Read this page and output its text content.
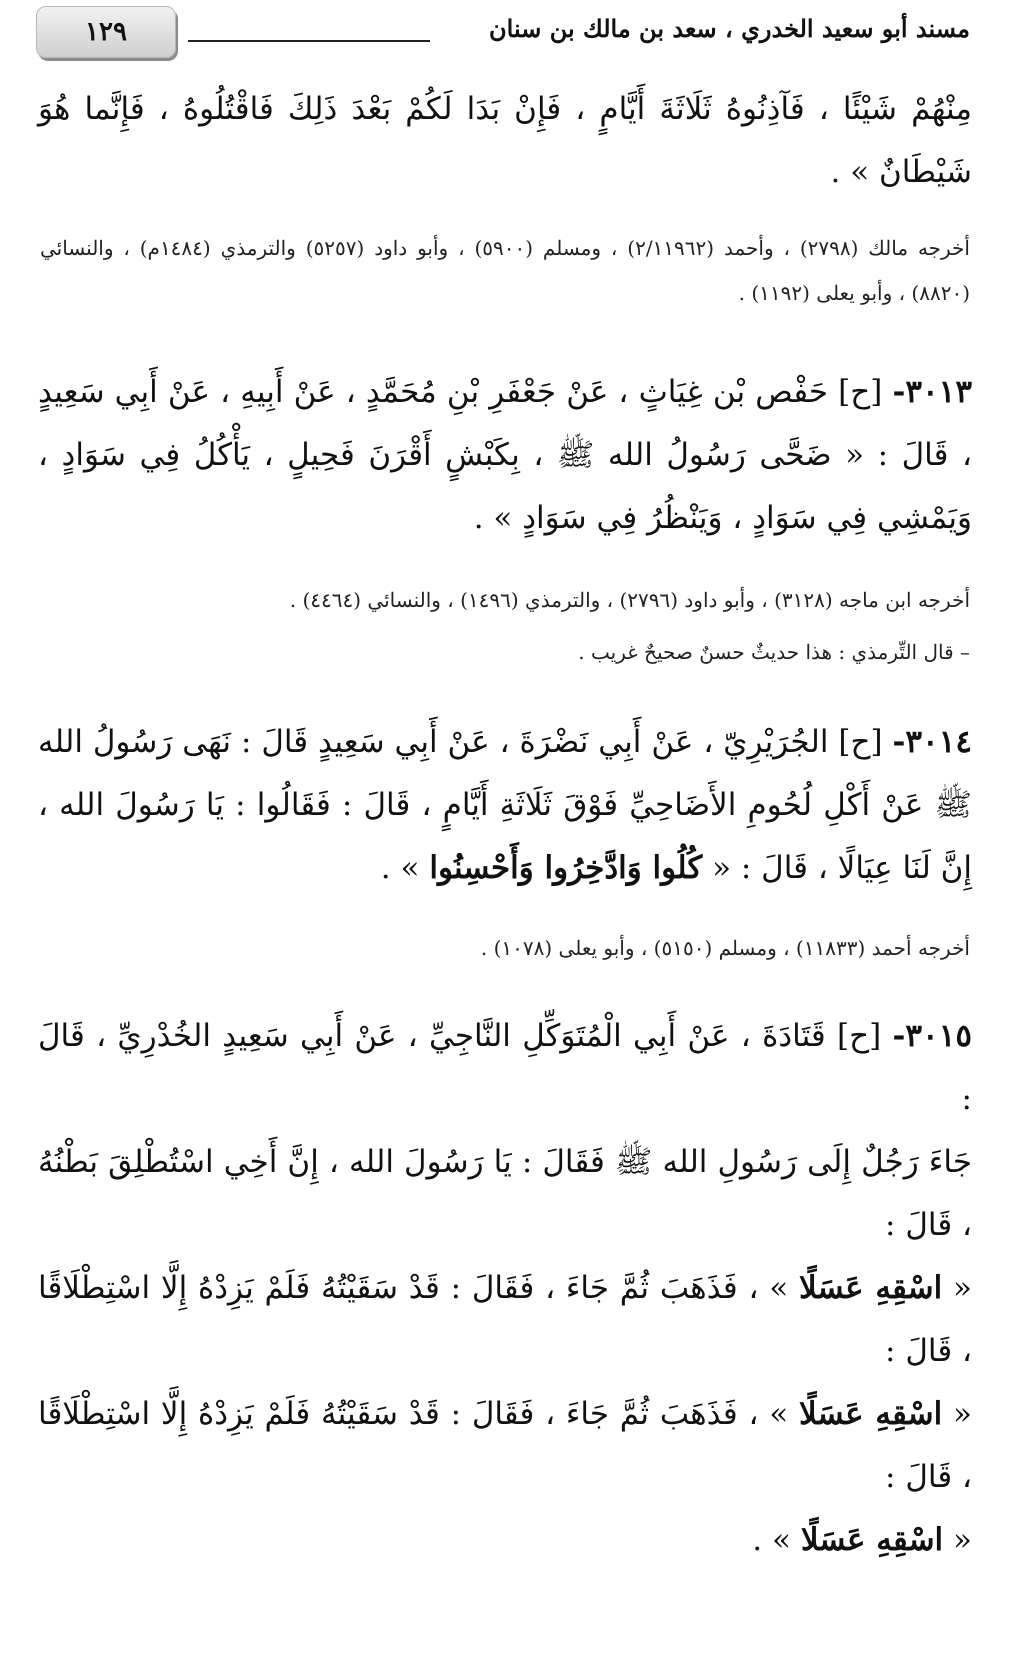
١٢٩	مسند أبو سعيد الخدري ، سعد بن مالك بن سنان
مِنْهُمْ شَيْئًا ، فَآذِنُوهُ ثَلَاثَةَ أَيَّامٍ ، فَإِنْ بَدَا لَكُمْ بَعْدَ ذَلِكَ فَاقْتُلُوهُ ، فَإِنَّما هُوَ شَيْطَانٌ » .
أخرجه مالك (٢٧٩٨) ، وأحمد (٢/١١٩٦٢) ، ومسلم (٥٩٠٠) ، وأبو داود (٥٢٥٧) والترمذي (١٤٨٤م) ، والنسائي (٨٨٢٠) ، وأبو يعلى (١١٩٢) .
٣٠١٣- [ح] حَفْص بْن غِيَاثٍ ، عَنْ جَعْفَرِ بْنِ مُحَمَّدٍ ، عَنْ أَبِيهِ ، عَنْ أَبِي سَعِيدٍ ، قَالَ : « ضَحَّى رَسُولُ الله ﷺ ، بِكَبْشٍ أَقْرَنَ فَحِيلٍ ، يَأْكُلُ فِي سَوَادٍ ، وَيَمْشِي فِي سَوَادٍ ، وَيَنْظُرُ فِي سَوَادٍ » .
أخرجه ابن ماجه (٣١٢٨) ، وأبو داود (٢٧٩٦) ، والترمذي (١٤٩٦) ، والنسائي (٤٤٦٤) .
– قال التِّرمذي : هذا حديثٌ حسنٌ صحيحٌ غريب .
٣٠١٤- [ح] الجُرَيْرِيّ ، عَنْ أَبِي نَضْرَةَ ، عَنْ أَبِي سَعِيدٍ قَالَ : نَهَى رَسُولُ الله ﷺ عَنْ أَكْلِ لُحُومِ الأَضَاحِيِّ فَوْقَ ثَلَاثَةِ أَيَّامٍ ، قَالَ : فَقَالُوا : يَا رَسُولَ الله ، إِنَّ لَنَا عِيَالًا ، قَالَ : « كُلُوا وَادَّخِرُوا وَأَحْسِنُوا » .
أخرجه أحمد (١١٨٣٣) ، ومسلم (٥١٥٠) ، وأبو يعلى (١٠٧٨) .
٣٠١٥- [ح] قَتَادَةَ ، عَنْ أَبِي الْمُتَوَكِّلِ النَّاجِيِّ ، عَنْ أَبِي سَعِيدٍ الخُدْرِيِّ ، قَالَ :
جَاءَ رَجُلٌ إِلَى رَسُولِ الله ﷺ فَقَالَ : يَا رَسُولَ الله ، إِنَّ أَخِي اسْتُطْلِقَ بَطْنُهُ ، قَالَ :
« اسْقِهِ عَسَلًا » ، فَذَهَبَ ثُمَّ جَاءَ ، فَقَالَ : قَدْ سَقَيْتُهُ فَلَمْ يَزِدْهُ إِلَّا اسْتِطْلَاقًا ، قَالَ :
« اسْقِهِ عَسَلًا » ، فَذَهَبَ ثُمَّ جَاءَ ، فَقَالَ : قَدْ سَقَيْتُهُ فَلَمْ يَزِدْهُ إِلَّا اسْتِطْلَاقًا ، قَالَ :
« اسْقِهِ عَسَلًا » .
